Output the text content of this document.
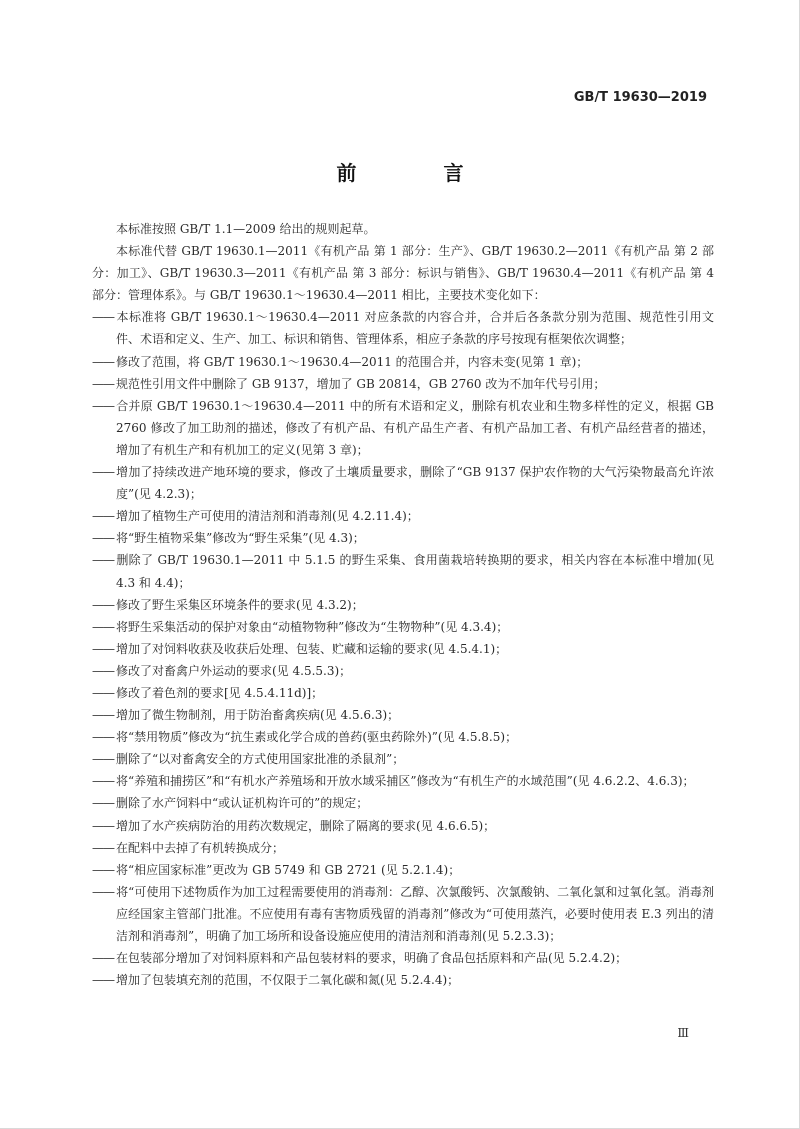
GB/T 19630—2019
前 言
本标准按照 GB/T 1.1—2009 给出的规则起草。
本标准代替 GB/T 19630.1—2011《有机产品 第 1 部分：生产》、GB/T 19630.2—2011《有机产品 第 2 部分：加工》、GB/T 19630.3—2011《有机产品 第 3 部分：标识与销售》、GB/T 19630.4—2011《有机产品 第 4 部分：管理体系》。与 GB/T 19630.1～19630.4—2011 相比，主要技术变化如下：
—— 本标准将 GB/T 19630.1～19630.4—2011 对应条款的内容合并，合并后各条款分别为范围、规范性引用文件、术语和定义、生产、加工、标识和销售、管理体系，相应子条款的序号按现有框架依次调整；
—— 修改了范围，将 GB/T 19630.1～19630.4—2011 的范围合并，内容未变(见第 1 章)；
—— 规范性引用文件中删除了 GB 9137，增加了 GB 20814，GB 2760 改为不加年代号引用；
—— 合并原 GB/T 19630.1～19630.4—2011 中的所有术语和定义，删除有机农业和生物多样性的定义，根据 GB 2760 修改了加工助剂的描述，修改了有机产品、有机产品生产者、有机产品加工者、有机产品经营者的描述，增加了有机生产和有机加工的定义(见第 3 章)；
—— 增加了持续改进产地环境的要求，修改了土壤质量要求，删除了“GB 9137 保护农作物的大气污染物最高允许浓度”(见 4.2.3)；
—— 增加了植物生产可使用的清洁剂和消毒剂(见 4.2.11.4)；
—— 将“野生植物采集”修改为“野生采集”(见 4.3)；
—— 删除了 GB/T 19630.1—2011 中 5.1.5 的野生采集、食用菌栽培转换期的要求，相关内容在本标准中增加(见 4.3 和 4.4)；
—— 修改了野生采集区环境条件的要求(见 4.3.2)；
—— 将野生采集活动的保护对象由“动植物物种”修改为“生物物种”(见 4.3.4)；
—— 增加了对饲料收获及收获后处理、包装、贮藏和运输的要求(见 4.5.4.1)；
—— 修改了对畜禽户外运动的要求(见 4.5.5.3)；
—— 修改了着色剂的要求[见 4.5.4.11d)]；
—— 增加了微生物制剂，用于防治畜禽疾病(见 4.5.6.3)；
—— 将“禁用物质”修改为“抗生素或化学合成的兽药(驱虫药除外)”(见 4.5.8.5)；
—— 删除了“以对畜禽安全的方式使用国家批准的杀鼠剂”；
—— 将“养殖和捕捞区”和“有机水产养殖场和开放水域采捕区”修改为“有机生产的水域范围”(见 4.6.2.2、4.6.3)；
—— 删除了水产饲料中“或认证机构许可的”的规定；
—— 增加了水产疾病防治的用药次数规定，删除了隔离的要求(见 4.6.6.5)；
—— 在配料中去掉了有机转换成分；
—— 将“相应国家标准”更改为 GB 5749 和 GB 2721 (见 5.2.1.4)；
—— 将“可使用下述物质作为加工过程需要使用的消毒剂：乙醇、次氯酸钙、次氯酸钠、二氧化氯和过氧化氢。消毒剂应经国家主管部门批准。不应使用有毒有害物质残留的消毒剂”修改为“可使用蒸汽，必要时使用表 E.3 列出的清洁剂和消毒剂”，明确了加工场所和设备设施应使用的清洁剂和消毒剂(见 5.2.3.3)；
—— 在包装部分增加了对饲料原料和产品包装材料的要求，明确了食品包括原料和产品(见 5.2.4.2)；
—— 增加了包装填充剂的范围，不仅限于二氧化碳和氮(见 5.2.4.4)；
Ⅲ
